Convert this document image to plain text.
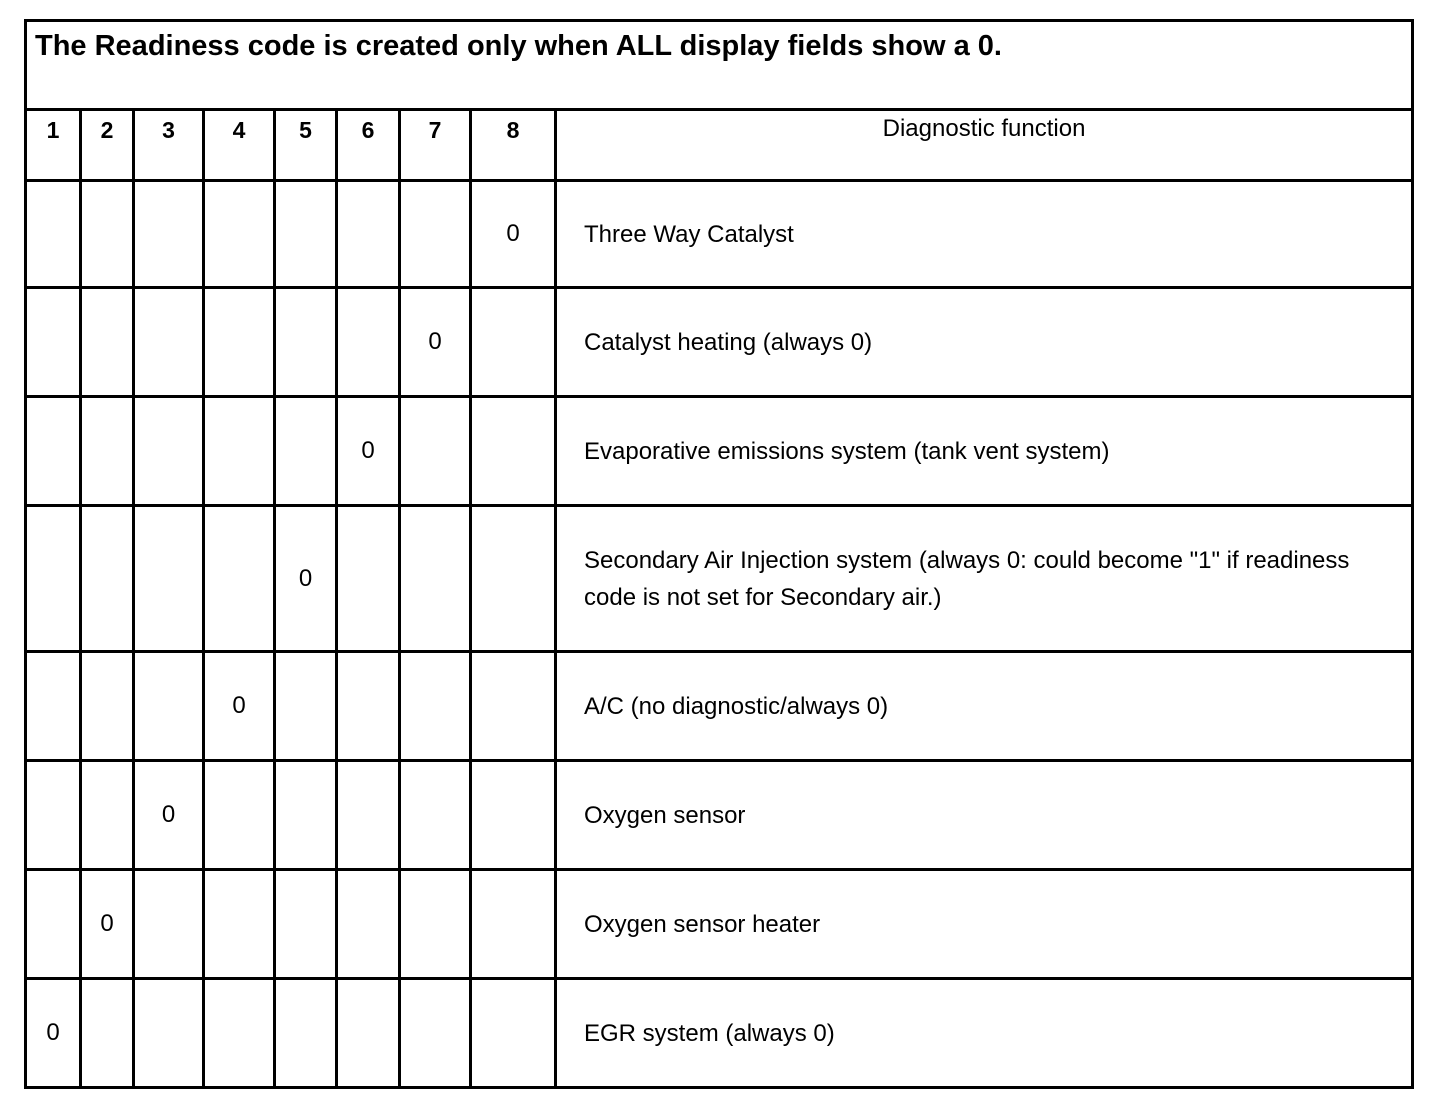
The Readiness code is created only when ALL display fields show a 0.								
1	2	3	4	5	6	7	8	Diagnostic function
							0	Three Way Catalyst
						0		Catalyst heating (always 0)
					0			Evaporative emissions system (tank vent system)
				0				Secondary Air Injection system (always 0: could become "1" if readiness code is not set for Secondary air.)
			0					A/C (no diagnostic/always 0)
		0						Oxygen sensor
	0							Oxygen sensor heater
0								EGR system (always 0)
